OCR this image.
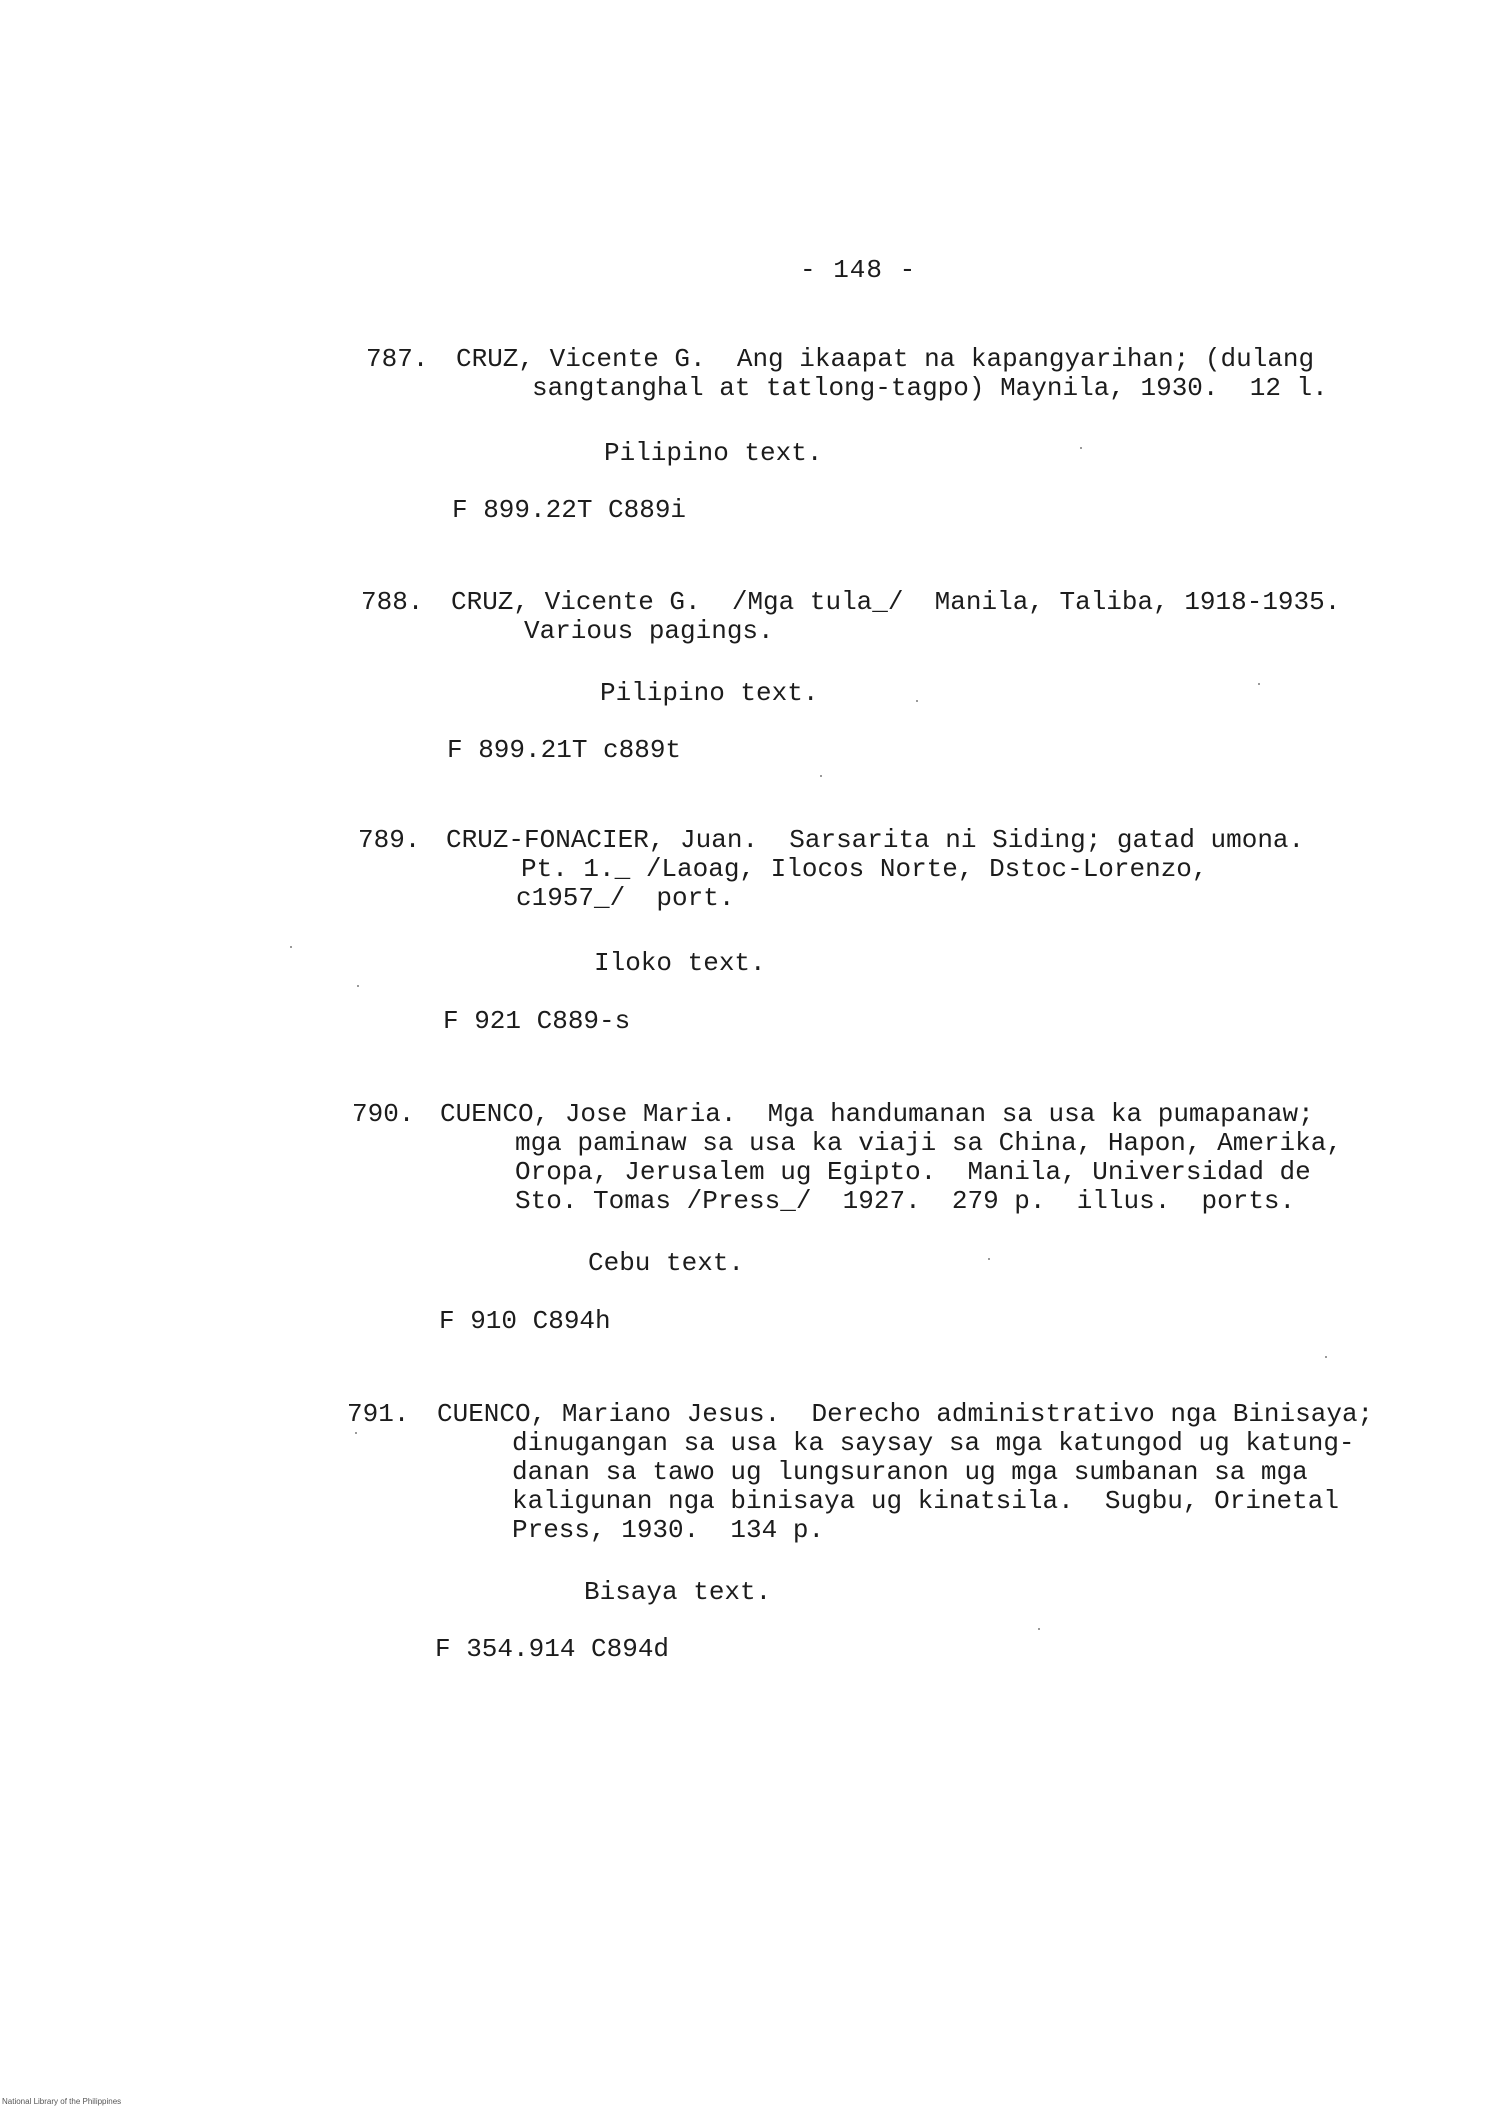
- 148 -
787. CRUZ, Vicente G.  Ang ikaapat na kapangyarihan; (dulang
sangtanghal at tatlong-tagpo) Maynila, 1930.  12 l.
Pilipino text.
F 899.22T C889i
788. CRUZ, Vicente G.  /Mga tula_/  Manila, Taliba, 1918-1935.
Various pagings.
Pilipino text.
F 899.21T c889t
789. CRUZ-FONACIER, Juan.  Sarsarita ni Siding; gatad umona.
Pt. 1._ /Laoag, Ilocos Norte, Dstoc-Lorenzo,
c1957_/  port.
Iloko text.
F 921 C889-s
790. CUENCO, Jose Maria.  Mga handumanan sa usa ka pumapanaw;
mga paminaw sa usa ka viaji sa China, Hapon, Amerika,
Oropa, Jerusalem ug Egipto.  Manila, Universidad de
Sto. Tomas /Press_/  1927.  279 p.  illus.  ports.
Cebu text.
F 910 C894h
791. CUENCO, Mariano Jesus.  Derecho administrativo nga Binisaya;
dinugangan sa usa ka saysay sa mga katungod ug katung-
danan sa tawo ug lungsuranon ug mga sumbanan sa mga
kaligunan nga binisaya ug kinatsila.  Sugbu, Orinetal
Press, 1930.  134 p.
Bisaya text.
F 354.914 C894d
National Library of the Philippines
